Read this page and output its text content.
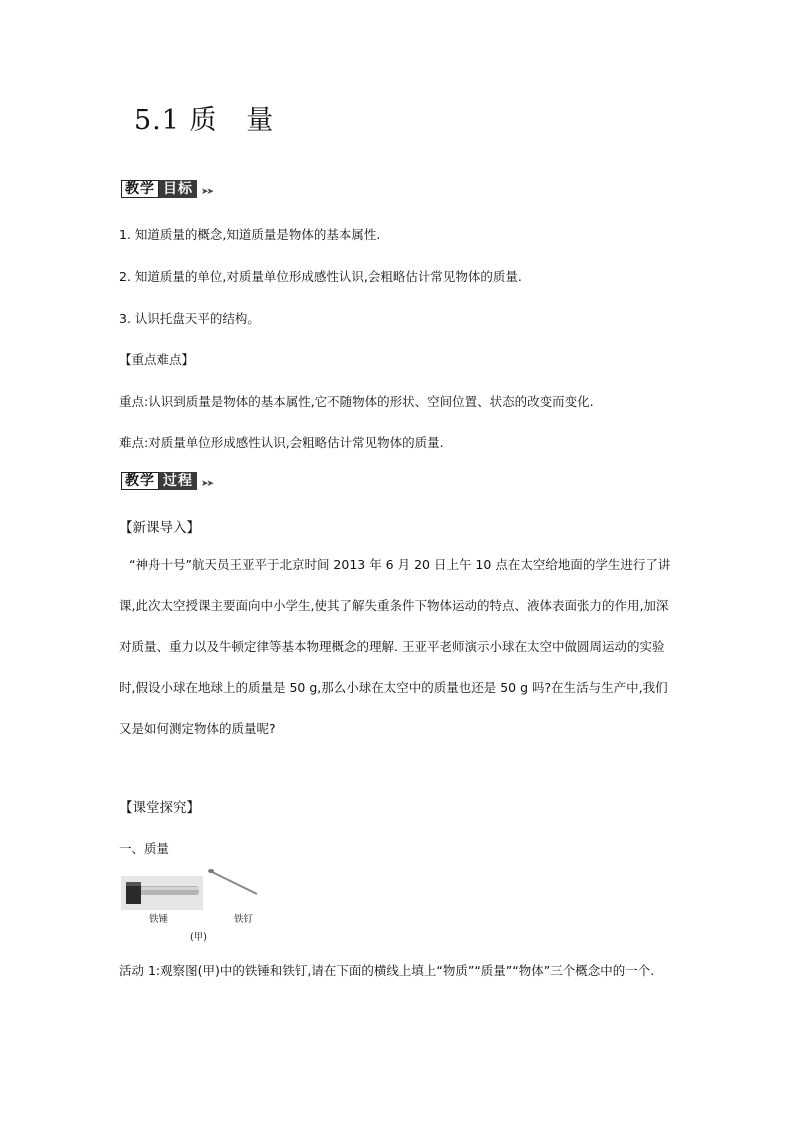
5.1 质   量
教学 目标 ➤➤
1. 知道质量的概念,知道质量是物体的基本属性.
2. 知道质量的单位,对质量单位形成感性认识,会粗略估计常见物体的质量.
3. 认识托盘天平的结构。
【重点难点】
重点:认识到质量是物体的基本属性,它不随物体的形状、空间位置、状态的改变而变化.
难点:对质量单位形成感性认识,会粗略估计常见物体的质量.
教学 过程 ➤➤
【新课导入】
“神舟十号”航天员王亚平于北京时间 2013 年 6 月 20 日上午 10 点在太空给地面的学生进行了讲课,此次太空授课主要面向中小学生,使其了解失重条件下物体运动的特点、液体表面张力的作用,加深对质量、重力以及牛顿定律等基本物理概念的理解. 王亚平老师演示小球在太空中做圆周运动的实验时,假设小球在地球上的质量是 50 g,那么小球在太空中的质量也还是 50 g 吗?在生活与生产中,我们又是如何测定物体的质量呢?
【课堂探究】
一、质量
铁锤	铁钉
(甲)
活动 1:观察图(甲)中的铁锤和铁钉,请在下面的横线上填上“物质”“质量”“物体”三个概念中的一个.
